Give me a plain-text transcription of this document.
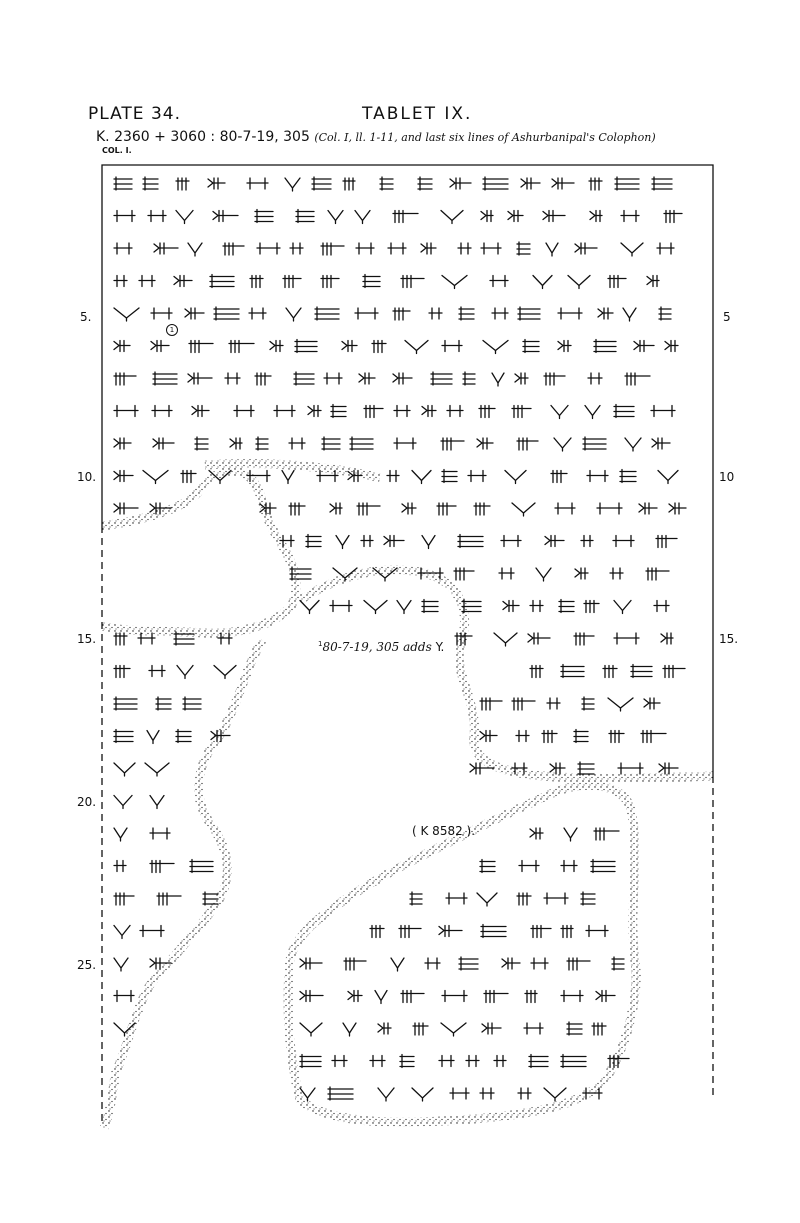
PLATE 34.	TABLET IX.
K. 2360 + 3060 : 80-7-19, 305 (Col. I, ll. 1-11, and last six lines of Ashurbanipal's Colophon)
COL. I.
5.
10.
15.
20.
25.
5
10
15.
1
$^1$80-7-19, 305 adds Y.
( K 8582 ).
